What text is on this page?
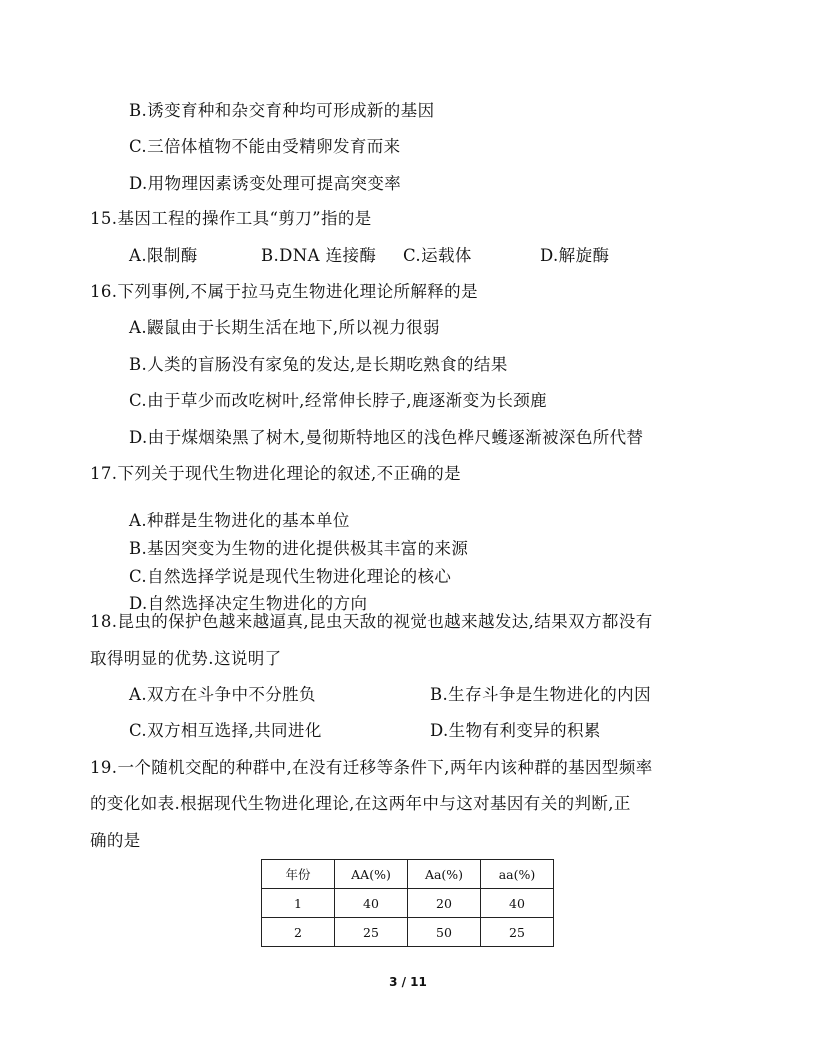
B.诱变育种和杂交育种均可形成新的基因
C.三倍体植物不能由受精卵发育而来
D.用物理因素诱变处理可提高突变率
15.基因工程的操作工具“剪刀”指的是
A.限制酶	B.DNA 连接酶 C.运载体	D.解旋酶
16.下列事例,不属于拉马克生物进化理论所解释的是
A.鼹鼠由于长期生活在地下,所以视力很弱
B.人类的盲肠没有家兔的发达,是长期吃熟食的结果
C.由于草少而改吃树叶,经常伸长脖子,鹿逐渐变为长颈鹿
D.由于煤烟染黑了树木,曼彻斯特地区的浅色桦尺蠖逐渐被深色所代替
17.下列关于现代生物进化理论的叙述,不正确的是
A.种群是生物进化的基本单位
B.基因突变为生物的进化提供极其丰富的来源
C.自然选择学说是现代生物进化理论的核心
D.自然选择决定生物进化的方向
18.昆虫的保护色越来越逼真,昆虫天敌的视觉也越来越发达,结果双方都没有
取得明显的优势.这说明了
A.双方在斗争中不分胜负	B.生存斗争是生物进化的内因
C.双方相互选择,共同进化	D.生物有利变异的积累
19.一个随机交配的种群中,在没有迁移等条件下,两年内该种群的基因型频率
的变化如表.根据现代生物进化理论,在这两年中与这对基因有关的判断,正
确的是
年份	AA(%)	Aa(%)	aa(%)
1	40	20	40
2	25	50	25
3 / 11
